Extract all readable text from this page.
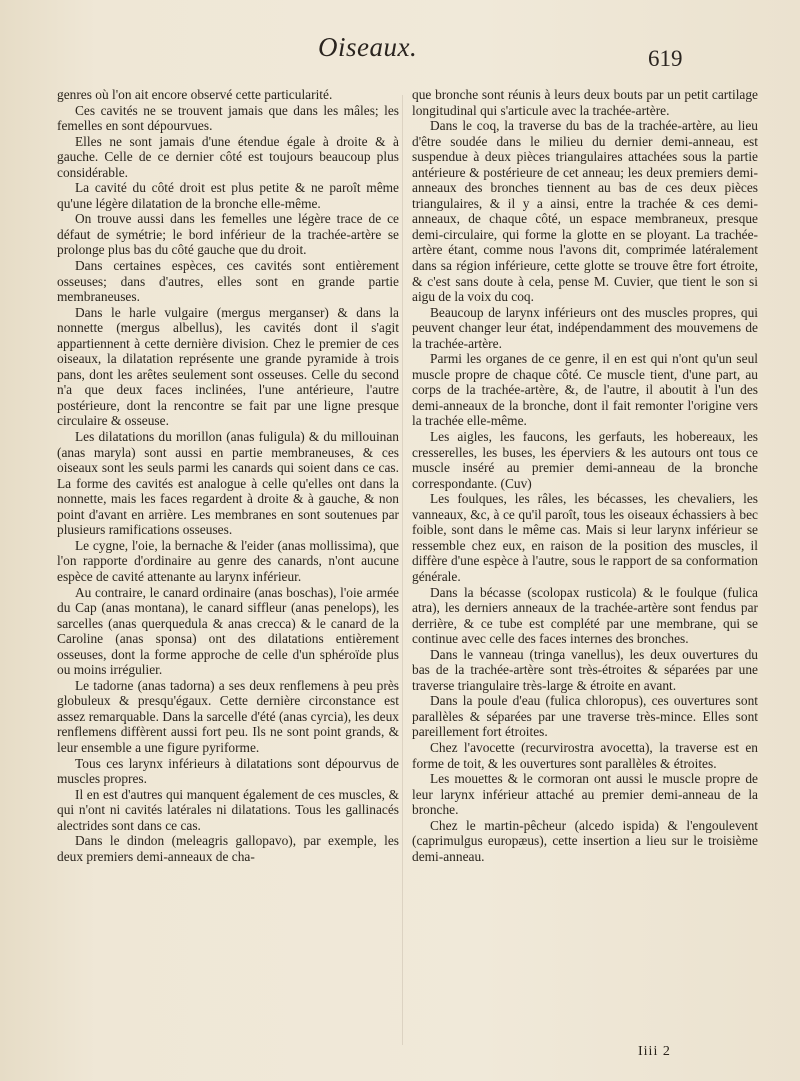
Oiseaux.	619

genres où l'on ait encore observé cette particularité.

Ces cavités ne se trouvent jamais que dans les mâles; les femelles en sont dépourvues.

Elles ne sont jamais d'une étendue égale à droite & à gauche. Celle de ce dernier côté est toujours beaucoup plus considérable.

La cavité du côté droit est plus petite & ne paroît même qu'une légère dilatation de la bronche elle-même.

On trouve aussi dans les femelles une légère trace de ce défaut de symétrie; le bord inférieur de la trachée-artère se prolonge plus bas du côté gauche que du droit.

Dans certaines espèces, ces cavités sont entièrement osseuses; dans d'autres, elles sont en grande partie membraneuses.

Dans le harle vulgaire (mergus merganser) & dans la nonnette (mergus albellus), les cavités dont il s'agit appartiennent à cette dernière division. Chez le premier de ces oiseaux, la dilatation représente une grande pyramide à trois pans, dont les arêtes seulement sont osseuses. Celle du second n'a que deux faces inclinées, l'une antérieure, l'autre postérieure, dont la rencontre se fait par une ligne presque circulaire & osseuse.

Les dilatations du morillon (anas fuligula) & du millouinan (anas maryla) sont aussi en partie membraneuses, & ces oiseaux sont les seuls parmi les canards qui soient dans ce cas. La forme des cavités est analogue à celle qu'elles ont dans la nonnette, mais les faces regardent à droite & à gauche, & non point d'avant en arrière. Les membranes en sont soutenues par plusieurs ramifications osseuses.

Le cygne, l'oie, la bernache & l'eider (anas mollissima), que l'on rapporte d'ordinaire au genre des canards, n'ont aucune espèce de cavité attenante au larynx inférieur.

Au contraire, le canard ordinaire (anas boschas), l'oie armée du Cap (anas montana), le canard siffleur (anas penelops), les sarcelles (anas querquedula & anas crecca) & le canard de la Caroline (anas sponsa) ont des dilatations entièrement osseuses, dont la forme approche de celle d'un sphéroïde plus ou moins irrégulier.

Le tadorne (anas tadorna) a ses deux renflemens à peu près globuleux & presqu'égaux. Cette dernière circonstance est assez remarquable. Dans la sarcelle d'été (anas cyrcia), les deux renflemens diffèrent aussi fort peu. Ils ne sont point grands, & leur ensemble a une figure pyriforme.

Tous ces larynx inférieurs à dilatations sont dépourvus de muscles propres.

Il en est d'autres qui manquent également de ces muscles, & qui n'ont ni cavités latérales ni dilatations. Tous les gallinacés alectrides sont dans ce cas.

Dans le dindon (meleagris gallopavo), par exemple, les deux premiers demi-anneaux de cha-

que bronche sont réunis à leurs deux bouts par un petit cartilage longitudinal qui s'articule avec la trachée-artère.

Dans le coq, la traverse du bas de la trachée-artère, au lieu d'être soudée dans le milieu du dernier demi-anneau, est suspendue à deux pièces triangulaires attachées sous la partie antérieure & postérieure de cet anneau; les deux premiers demi-anneaux des bronches tiennent au bas de ces deux pièces triangulaires, & il y a ainsi, entre la trachée & ces demi-anneaux, de chaque côté, un espace membraneux, presque demi-circulaire, qui forme la glotte en se ployant. La trachée-artère étant, comme nous l'avons dit, comprimée latéralement dans sa région inférieure, cette glotte se trouve être fort étroite, & c'est sans doute à cela, pense M. Cuvier, que tient le son si aigu de la voix du coq.

Beaucoup de larynx inférieurs ont des muscles propres, qui peuvent changer leur état, indépendamment des mouvemens de la trachée-artère.

Parmi les organes de ce genre, il en est qui n'ont qu'un seul muscle propre de chaque côté. Ce muscle tient, d'une part, au corps de la trachée-artère, &, de l'autre, il aboutit à l'un des demi-anneaux de la bronche, dont il fait remonter l'origine vers la trachée elle-même.

Les aigles, les faucons, les gerfauts, les hobereaux, les cresserelles, les buses, les éperviers & les autours ont tous ce muscle inséré au premier demi-anneau de la bronche correspondante. (Cuv)

Les foulques, les râles, les bécasses, les chevaliers, les vanneaux, &c, à ce qu'il paroît, tous les oiseaux échassiers à bec foible, sont dans le même cas. Mais si leur larynx inférieur se ressemble chez eux, en raison de la position des muscles, il diffère d'une espèce à l'autre, sous le rapport de sa conformation générale.

Dans la bécasse (scolopax rusticola) & le foulque (fulica atra), les derniers anneaux de la trachée-artère sont fendus par derrière, & ce tube est complété par une membrane, qui se continue avec celle des faces internes des bronches.

Dans le vanneau (tringa vanellus), les deux ouvertures du bas de la trachée-artère sont très-étroites & séparées par une traverse triangulaire très-large & étroite en avant.

Dans la poule d'eau (fulica chloropus), ces ouvertures sont parallèles & séparées par une traverse très-mince. Elles sont pareillement fort étroites.

Chez l'avocette (recurvirostra avocetta), la traverse est en forme de toit, & les ouvertures sont parallèles & étroites.

Les mouettes & le cormoran ont aussi le muscle propre de leur larynx inférieur attaché au premier demi-anneau de la bronche.

Chez le martin-pêcheur (alcedo ispida) & l'engoulevent (caprimulgus europæus), cette insertion a lieu sur le troisième demi-anneau.

Iiii 2
